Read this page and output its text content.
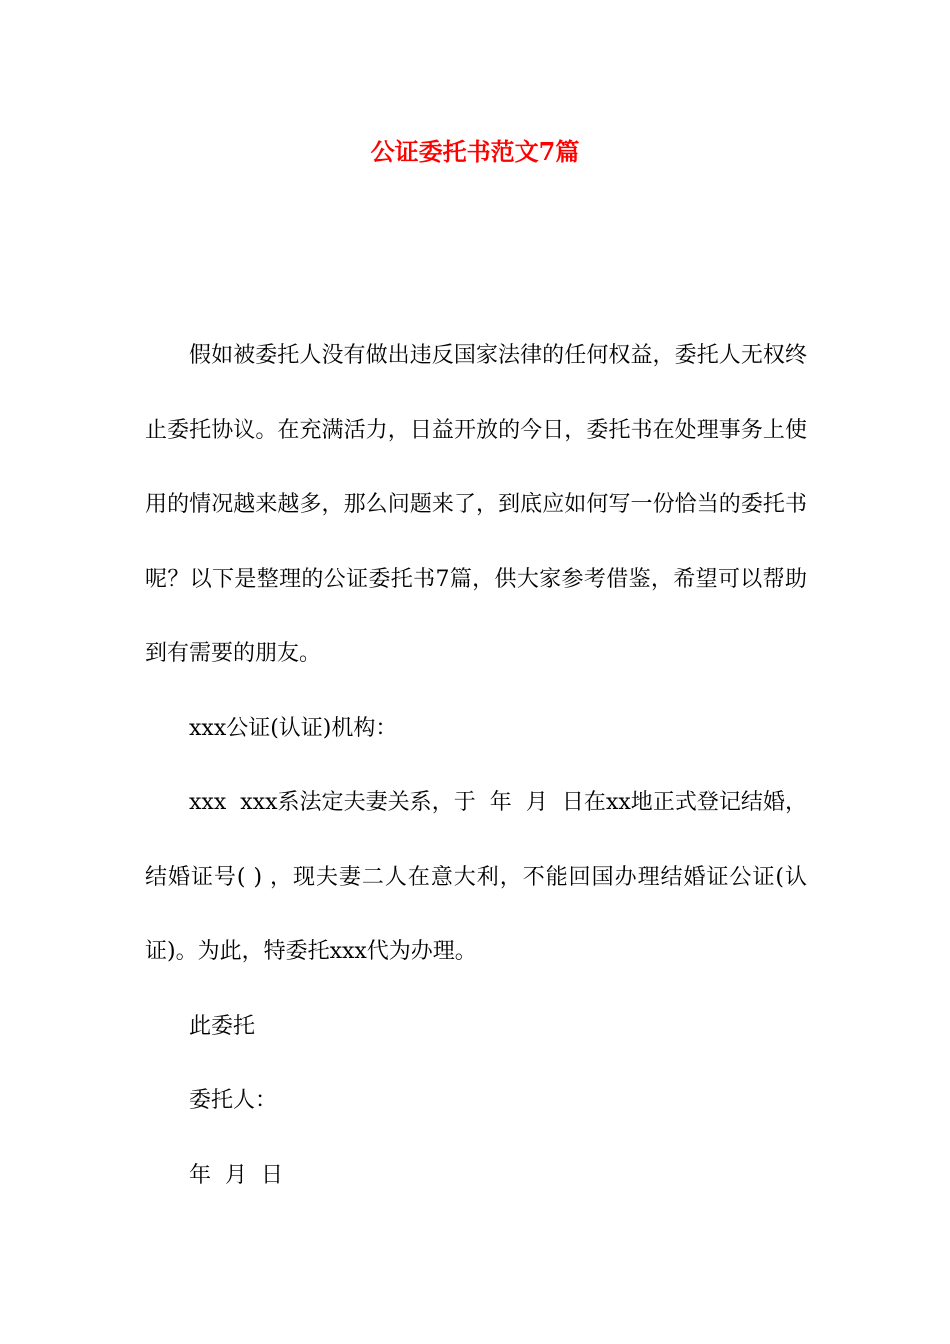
公证委托书范文7篇

假如被委托人没有做出违反国家法律的任何权益，委托人无权终止委托协议。在充满活力，日益开放的今日，委托书在处理事务上使用的情况越来越多，那么问题来了，到底应如何写一份恰当的委托书呢？以下是整理的公证委托书7篇，供大家参考借鉴，希望可以帮助到有需要的朋友。

xxx公证(认证)机构：

xxx  xxx系法定夫妻关系，于  年  月  日在xx地正式登记结婚，结婚证号( ) ，现夫妻二人在意大利，不能回国办理结婚证公证(认证)。为此，特委托xxx代为办理。

此委托

委托人：

年  月  日
